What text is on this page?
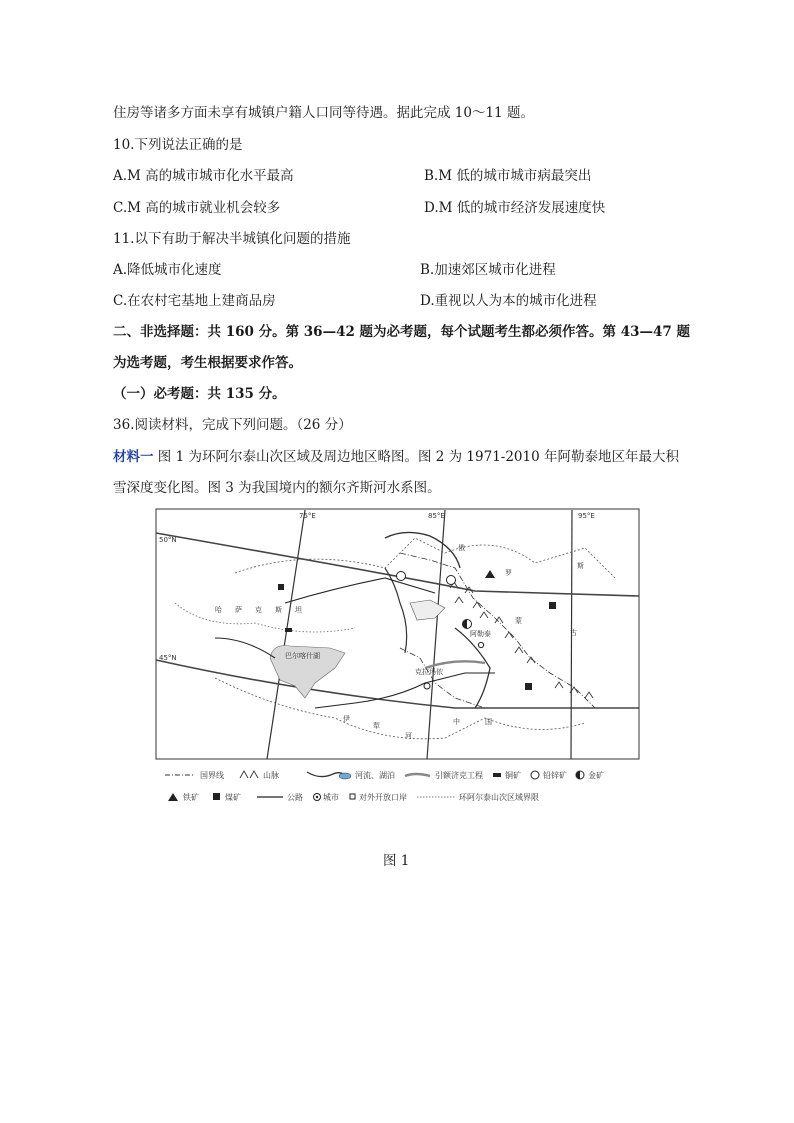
住房等诸多方面未享有城镇户籍人口同等待遇。据此完成 10～11 题。
10.下列说法正确的是
A.M 高的城市城市化水平最高	B.M 低的城市城市病最突出
C.M 高的城市就业机会较多	D.M 低的城市经济发展速度快
11.以下有助于解决半城镇化问题的措施
A.降低城市化速度	B.加速郊区城市化进程
C.在农村宅基地上建商品房	D.重视以人为本的城市化进程
二、非选择题：共 160 分。第 36—42 题为必考题，每个试题考生都必须作答。第 43—47 题
为选考题，考生根据要求作答。
（一）必考题：共 135 分。
36.阅读材料，完成下列问题。（26 分）
材料一 图 1 为环阿尔泰山次区域及周边地区略图。图 2 为 1971-2010 年阿勒泰地区年最大积
雪深度变化图。图 3 为我国境内的额尔齐斯河水系图。
75°E	85°E	95°E
50°N
45°N
哈 萨 克 斯 坦
俄
罗
斯
蒙
古
中	国
巴尔喀什湖
克拉玛依
阿勒泰
伊
犁
河
国界线	山脉	河流、湖泊	引额济克工程	铜矿	铅锌矿	金矿
铁矿	煤矿	公路	城市	对外开放口岸	环阿尔泰山次区域界限
图 1
